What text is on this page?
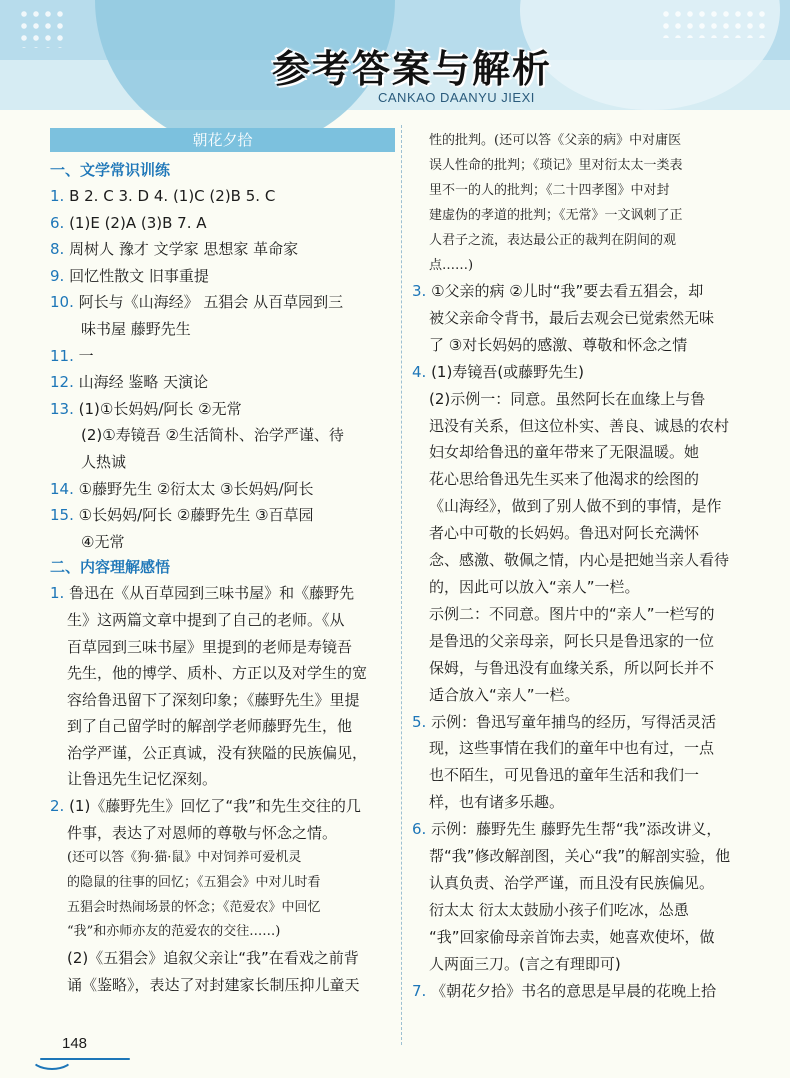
参考答案与解析
CANKAO DAANYU JIEXI
朝花夕拾
一、文学常识训练
1. B 2. C 3. D 4. (1)C (2)B 5. C
6. (1)E (2)A (3)B 7. A
8. 周树人 豫才 文学家 思想家 革命家
9. 回忆性散文 旧事重提
10. 阿长与《山海经》 五猖会 从百草园到三
味书屋 藤野先生
11. 一
12. 山海经 鉴略 天演论
13. (1)①长妈妈/阿长 ②无常
(2)①寿镜吾 ②生活简朴、治学严谨、待
人热诚
14. ①藤野先生 ②衍太太 ③长妈妈/阿长
15. ①长妈妈/阿长 ②藤野先生 ③百草园
④无常
二、内容理解感悟
1. 鲁迅在《从百草园到三味书屋》和《藤野先
生》这两篇文章中提到了自己的老师。《从
百草园到三味书屋》里提到的老师是寿镜吾
先生，他的博学、质朴、方正以及对学生的宽
容给鲁迅留下了深刻印象；《藤野先生》里提
到了自己留学时的解剖学老师藤野先生，他
治学严谨，公正真诚，没有狭隘的民族偏见，
让鲁迅先生记忆深刻。
2. (1)《藤野先生》回忆了“我”和先生交往的几
件事，表达了对恩师的尊敬与怀念之情。
(还可以答《狗·猫·鼠》中对饲养可爱机灵
的隐鼠的往事的回忆；《五猖会》中对儿时看
五猖会时热闹场景的怀念；《范爱农》中回忆
“我”和亦师亦友的范爱农的交往……)
(2)《五猖会》追叙父亲让“我”在看戏之前背
诵《鉴略》，表达了对封建家长制压抑儿童天
性的批判。(还可以答《父亲的病》中对庸医
误人性命的批判；《琐记》里对衍太太一类表
里不一的人的批判；《二十四孝图》中对封
建虚伪的孝道的批判；《无常》一文讽刺了正
人君子之流，表达最公正的裁判在阴间的观
点……)
3. ①父亲的病 ②儿时“我”要去看五猖会，却
被父亲命令背书，最后去观会已觉索然无味
了 ③对长妈妈的感激、尊敬和怀念之情
4. (1)寿镜吾(或藤野先生)
(2)示例一：同意。虽然阿长在血缘上与鲁
迅没有关系，但这位朴实、善良、诚恳的农村
妇女却给鲁迅的童年带来了无限温暖。她
花心思给鲁迅先生买来了他渴求的绘图的
《山海经》，做到了别人做不到的事情，是作
者心中可敬的长妈妈。鲁迅对阿长充满怀
念、感激、敬佩之情，内心是把她当亲人看待
的，因此可以放入“亲人”一栏。
示例二：不同意。图片中的“亲人”一栏写的
是鲁迅的父亲母亲，阿长只是鲁迅家的一位
保姆，与鲁迅没有血缘关系，所以阿长并不
适合放入“亲人”一栏。
5. 示例：鲁迅写童年捕鸟的经历，写得活灵活
现，这些事情在我们的童年中也有过，一点
也不陌生，可见鲁迅的童年生活和我们一
样，也有诸多乐趣。
6. 示例：藤野先生 藤野先生帮“我”添改讲义，
帮“我”修改解剖图，关心“我”的解剖实验，他
认真负责、治学严谨，而且没有民族偏见。
衍太太 衍太太鼓励小孩子们吃冰，怂恿
“我”回家偷母亲首饰去卖，她喜欢使坏，做
人两面三刀。(言之有理即可)
7. 《朝花夕拾》书名的意思是早晨的花晚上拾
148
